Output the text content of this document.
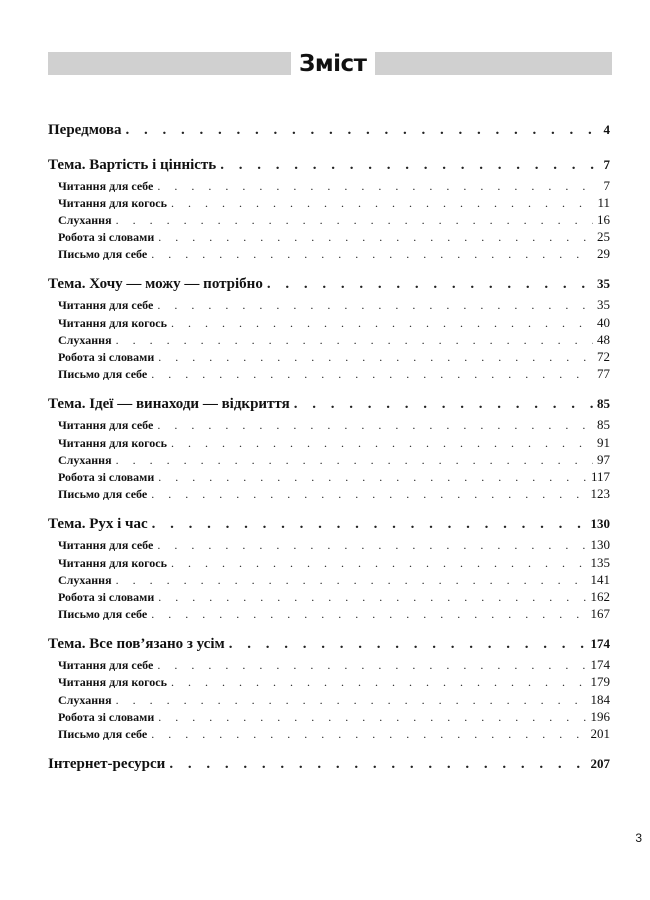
Зміст
Передмова . . .	4
Тема. Вартість і цінність . . .	7
Читання для себе . . .	7
Читання для когось . . .	11
Слухання . . .	16
Робота зі словами . . .	25
Письмо для себе . . .	29
Тема. Хочу — можу — потрібно . . .	35
Читання для себе . . .	35
Читання для когось . . .	40
Слухання . . .	48
Робота зі словами . . .	72
Письмо для себе . . .	77
Тема. Ідеї — винаходи — відкриття . . .	85
Читання для себе . . .	85
Читання для когось . . .	91
Слухання . . .	97
Робота зі словами . . .	117
Письмо для себе . . .	123
Тема. Рух і час . . .	130
Читання для себе . . .	130
Читання для когось . . .	135
Слухання . . .	141
Робота зі словами . . .	162
Письмо для себе . . .	167
Тема. Все пов’язано з усім . . .	174
Читання для себе . . .	174
Читання для когось . . .	179
Слухання . . .	184
Робота зі словами . . .	196
Письмо для себе . . .	201
Інтернет-ресурси . . .	207
3
